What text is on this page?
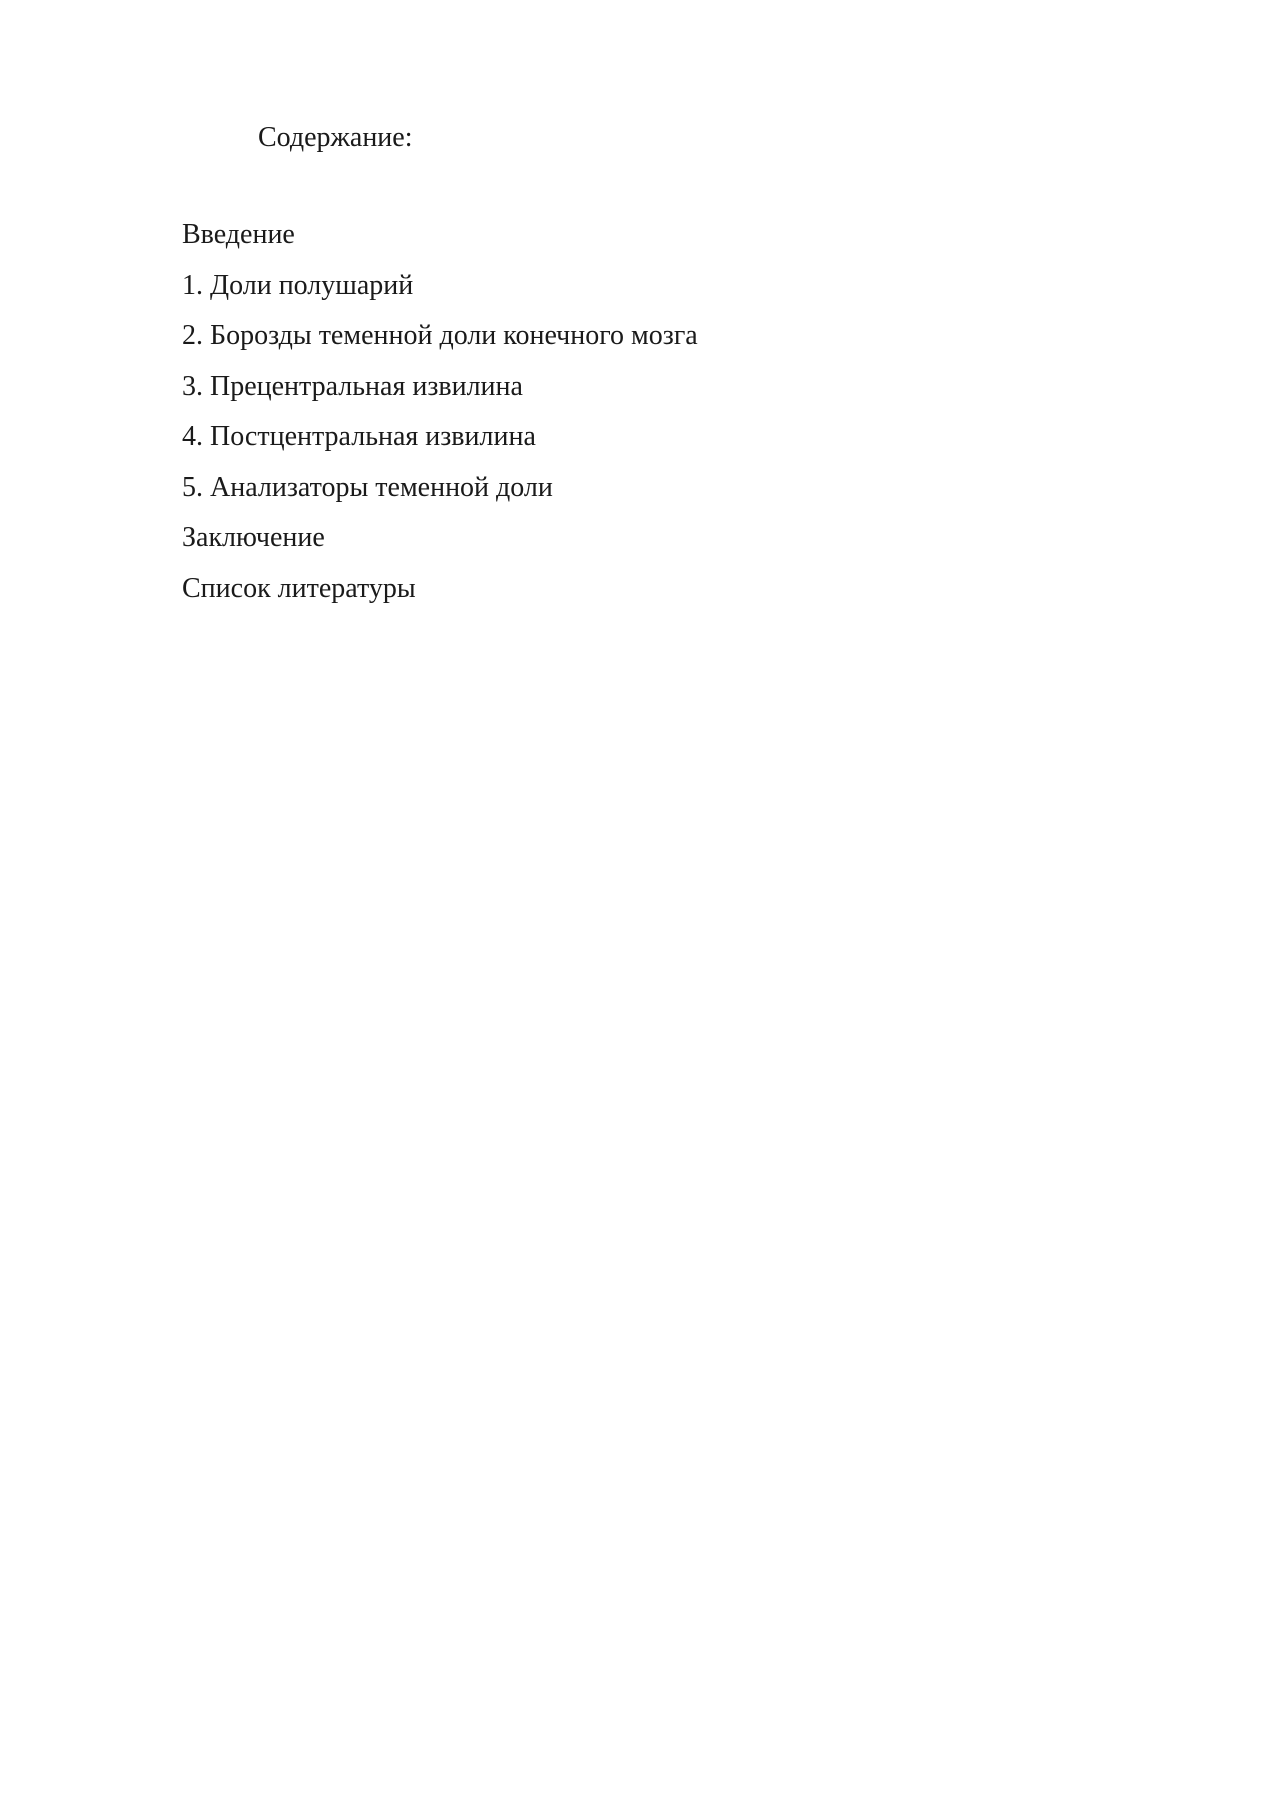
Содержание:
Введение
1. Доли полушарий
2. Борозды теменной доли конечного мозга
3. Прецентральная извилина
4. Постцентральная извилина
5. Анализаторы теменной доли
Заключение
Список литературы
